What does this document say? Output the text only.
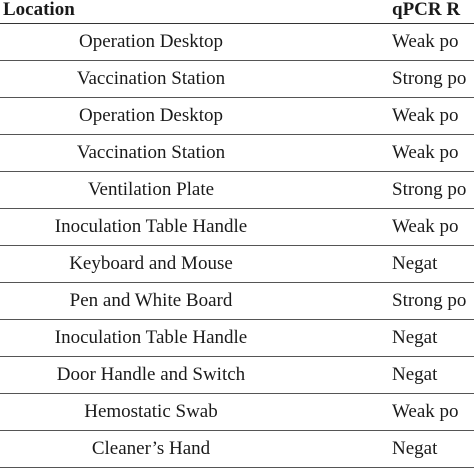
Location	qPCR R
Operation Desktop	Weak po
Vaccination Station	Strong po
Operation Desktop	Weak po
Vaccination Station	Weak po
Ventilation Plate	Strong po
Inoculation Table Handle	Weak po
Keyboard and Mouse	Negat
Pen and White Board	Strong po
Inoculation Table Handle	Negat
Door Handle and Switch	Negat
Hemostatic Swab	Weak po
Cleaner’s Hand	Negat
